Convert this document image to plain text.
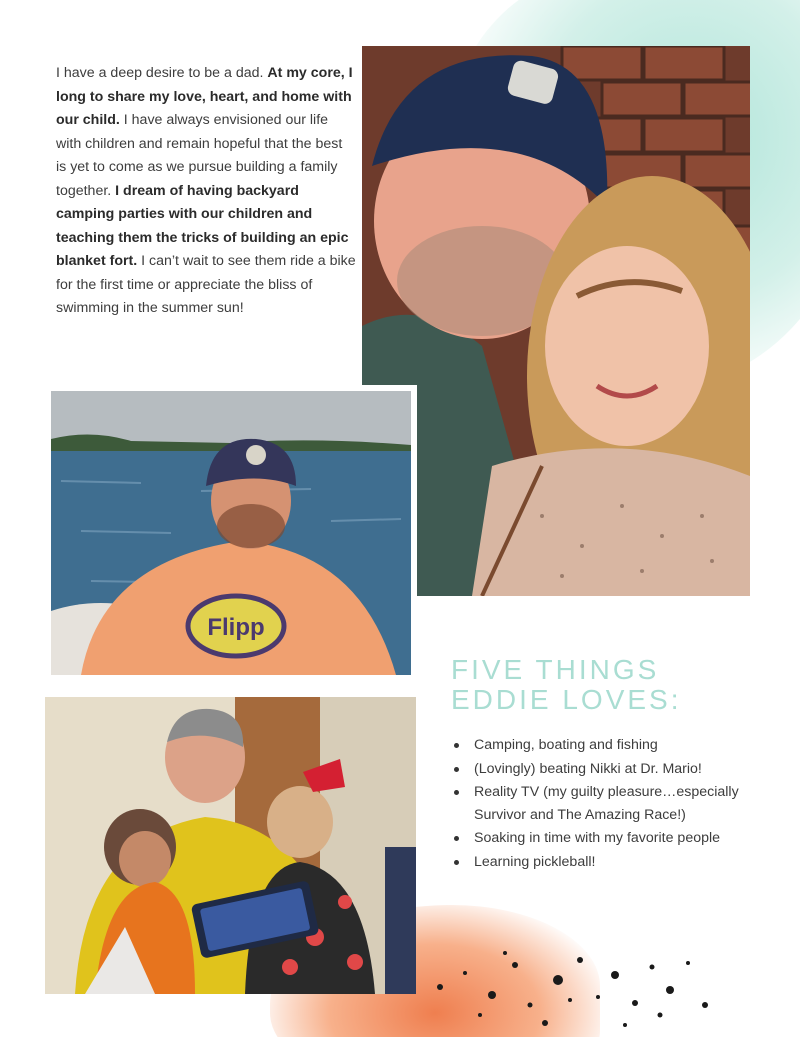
I have a deep desire to be a dad. At my core, I long to share my love, heart, and home with our child. I have always envisioned our life with children and remain hopeful that the best is yet to come as we pursue building a family together. I dream of having backyard camping parties with our children and teaching them the tricks of building an epic blanket fort. I can’t wait to see them ride a bike for the first time or appreciate the bliss of swimming in the summer sun!

Flipp
FIVE THINGS
EDDIE LOVES:
Camping, boating and fishing
(Lovingly) beating Nikki at Dr. Mario!
Reality TV (my guilty pleasure…especially Survivor and The Amazing Race!)
Soaking in time with my favorite people
Learning pickleball!
